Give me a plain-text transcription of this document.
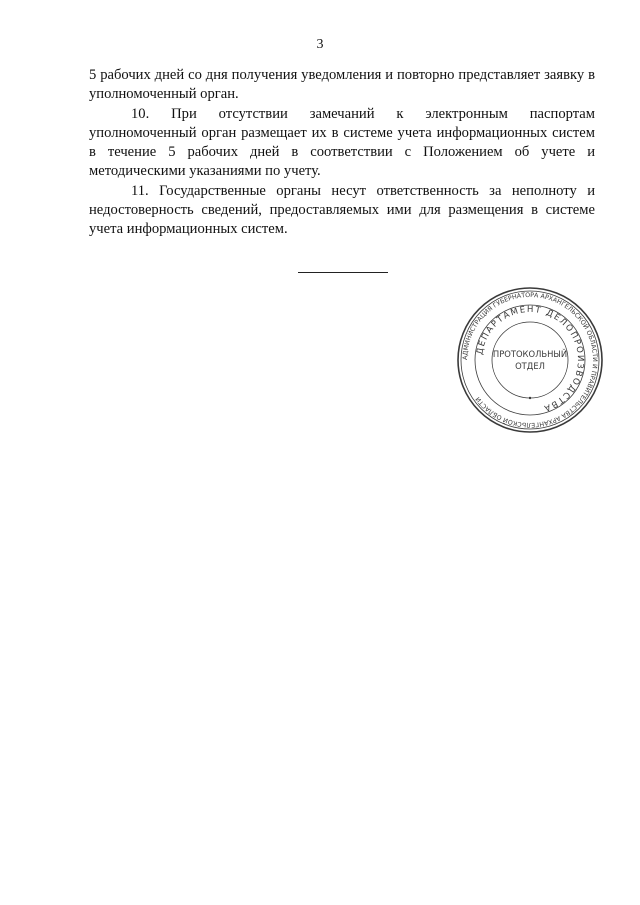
3

5 рабочих дней со дня получения уведомления и повторно представляет заявку в уполномоченный орган.

10. При отсутствии замечаний к электронным паспортам уполномоченный орган размещает их в системе учета информационных систем в течение 5 рабочих дней в соответствии с Положением об учете и методическими указаниями по учету.

11. Государственные органы несут ответственность за неполноту и недостоверность сведений, предоставляемых ими для размещения в системе учета информационных систем.

АДМИНИСТРАЦИЯ ГУБЕРНАТОРА АРХАНГЕЛЬСКОЙ ОБЛАСТИ И ПРАВИТЕЛЬСТВА АРХАНГЕЛЬСКОЙ ОБЛАСТИ
ДЕПАРТАМЕНТ ДЕЛОПРОИЗВОДСТВА
ПРОТОКОЛЬНЫЙ
ОТДЕЛ
